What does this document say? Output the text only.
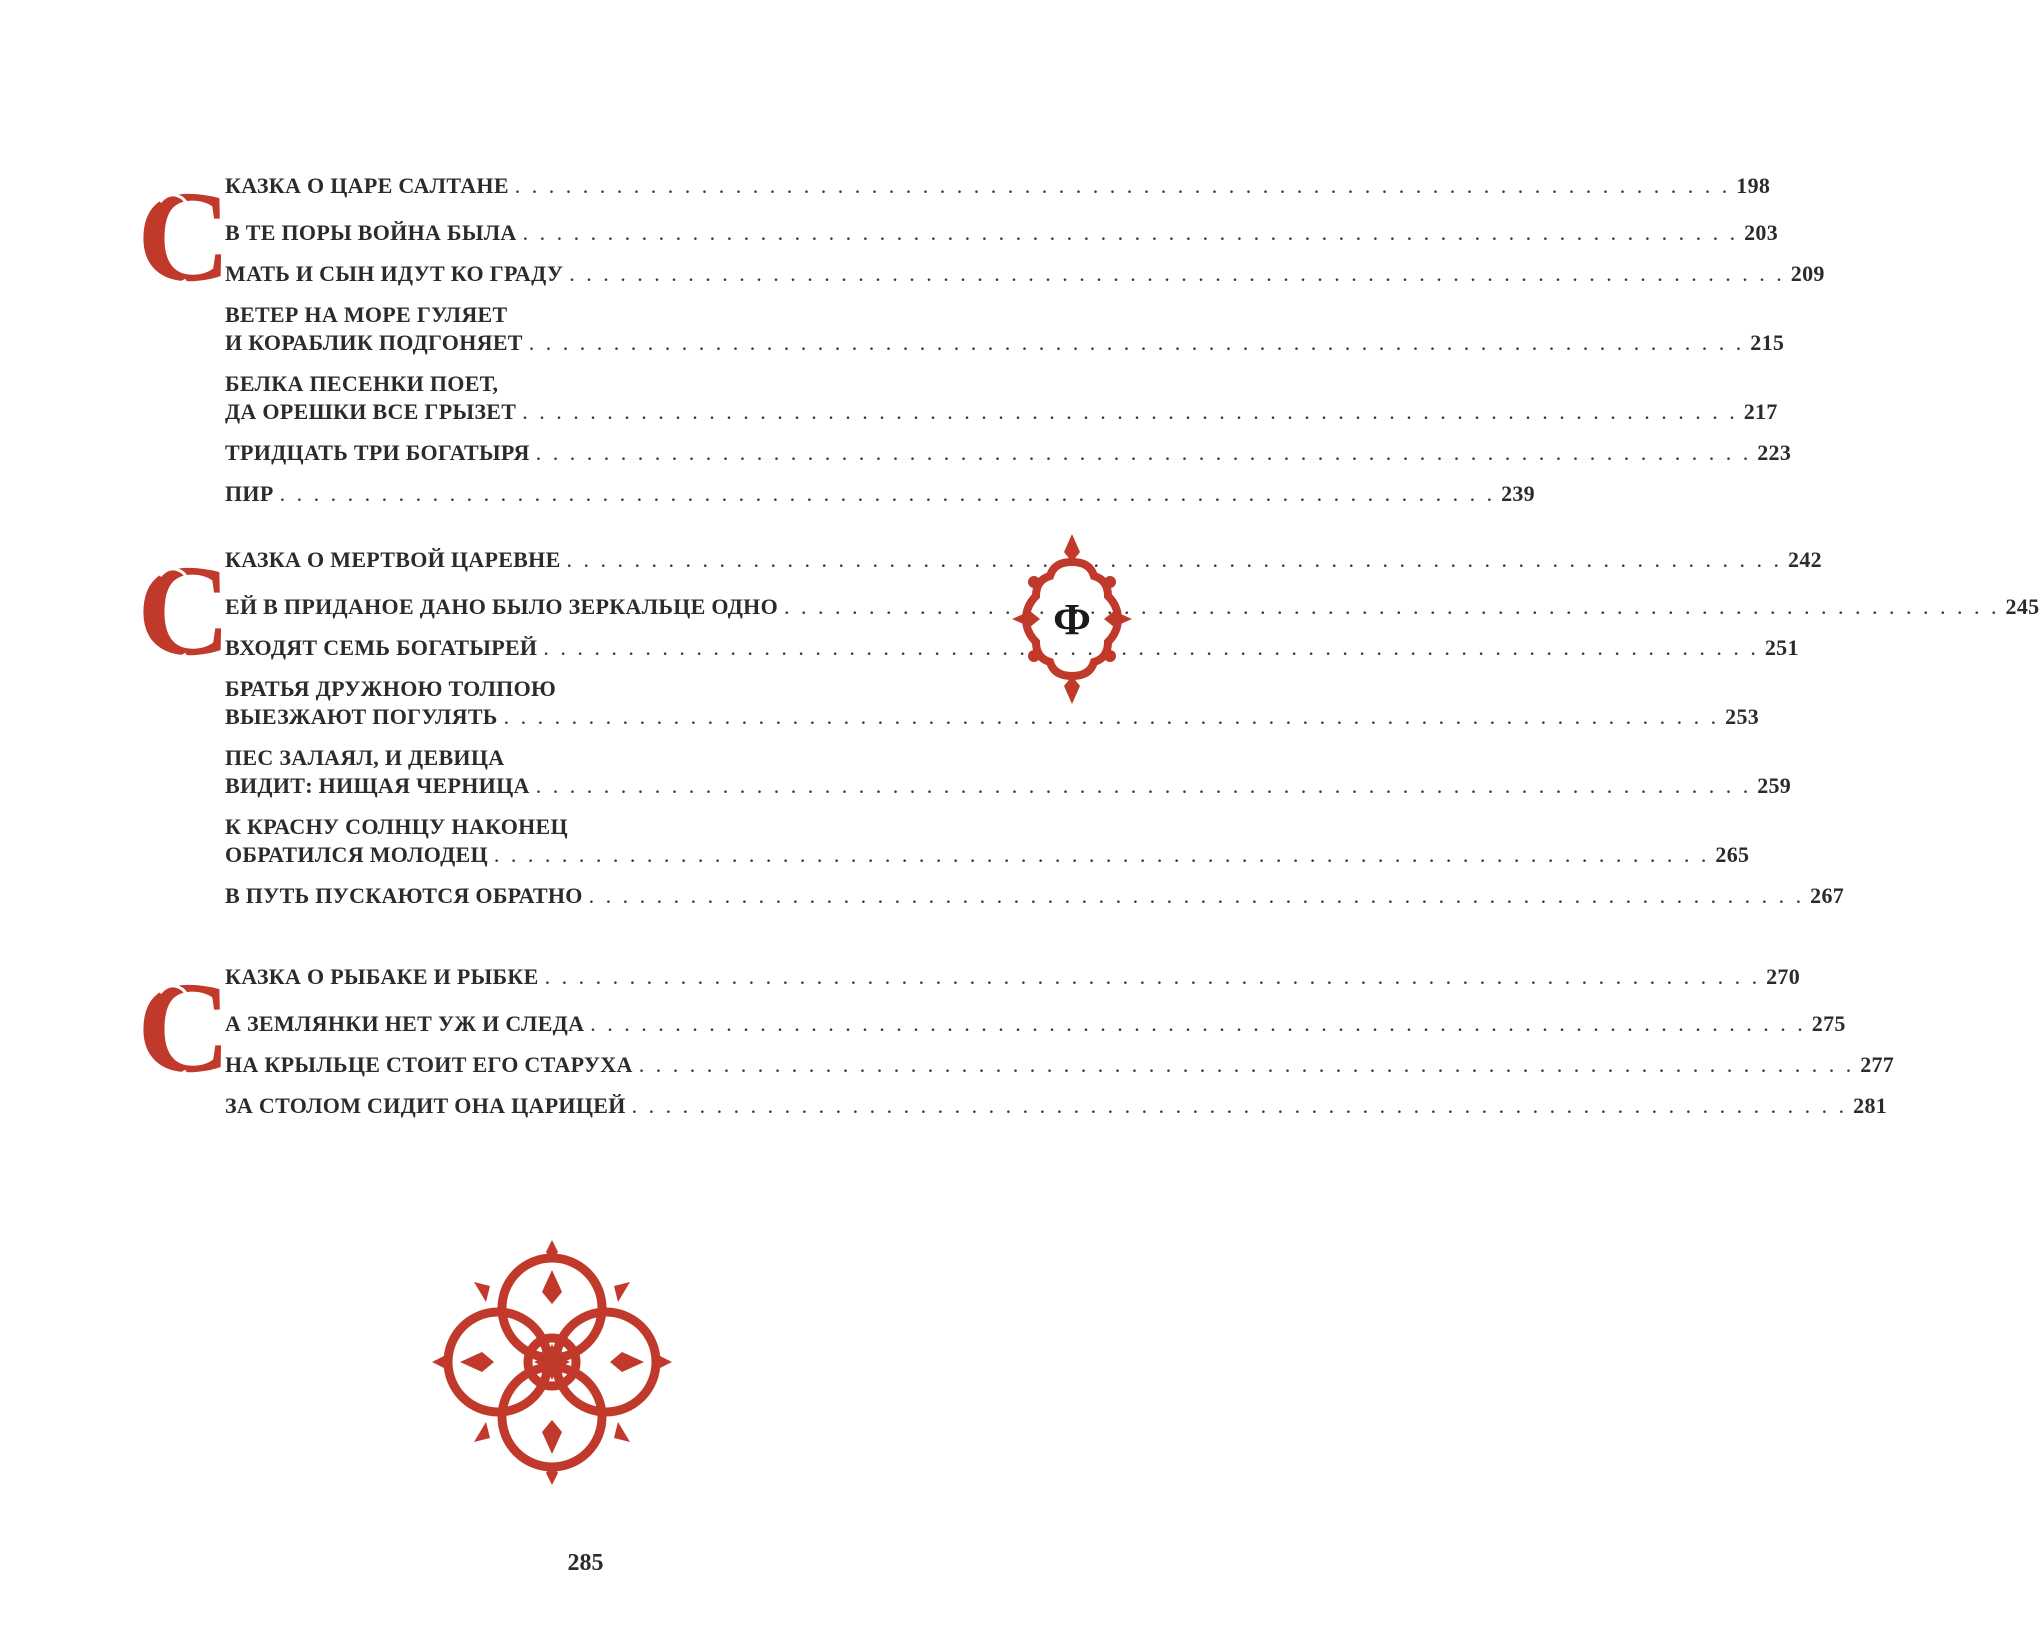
С
КАЗКА О ЦАРЕ САЛТАНЕ . . .	198
В ТЕ ПОРЫ ВОЙНА БЫЛА . . .	203
МАТЬ И СЫН ИДУТ КО ГРАДУ . . .	209
ВЕТЕР НА МОРЕ ГУЛЯЕТ
И КОРАБЛИК ПОДГОНЯЕТ . . .	215
БЕЛКА ПЕСЕНКИ ПОЕТ,
ДА ОРЕШКИ ВСЕ ГРЫЗЕТ . . .	217
ТРИДЦАТЬ ТРИ БОГАТЫРЯ . . .	223
ПИР . . .	239
С
КАЗКА О МЕРТВОЙ ЦАРЕВНЕ . . .	242
ЕЙ В ПРИДАНОЕ ДАНО БЫЛО ЗЕРКАЛЬЦЕ ОДНО . . .	245
ВХОДЯТ СЕМЬ БОГАТЫРЕЙ . . .	251
БРАТЬЯ ДРУЖНОЮ ТОЛПОЮ
ВЫЕЗЖАЮТ ПОГУЛЯТЬ . . .	253
ПЕС ЗАЛАЯЛ, И ДЕВИЦА
ВИДИТ: НИЩАЯ ЧЕРНИЦА . . .	259
К КРАСНУ СОЛНЦУ НАКОНЕЦ
ОБРАТИЛСЯ МОЛОДЕЦ . . .	265
В ПУТЬ ПУСКАЮТСЯ ОБРАТНО . . .	267
С
КАЗКА О РЫБАКЕ И РЫБКЕ . . .	270
А ЗЕМЛЯНКИ НЕТ УЖ И СЛЕДА . . .	275
НА КРЫЛЬЦЕ СТОИТ ЕГО СТАРУХА . . .	277
ЗА СТОЛОМ СИДИТ ОНА ЦАРИЦЕЙ . . .	281
Ф
285
